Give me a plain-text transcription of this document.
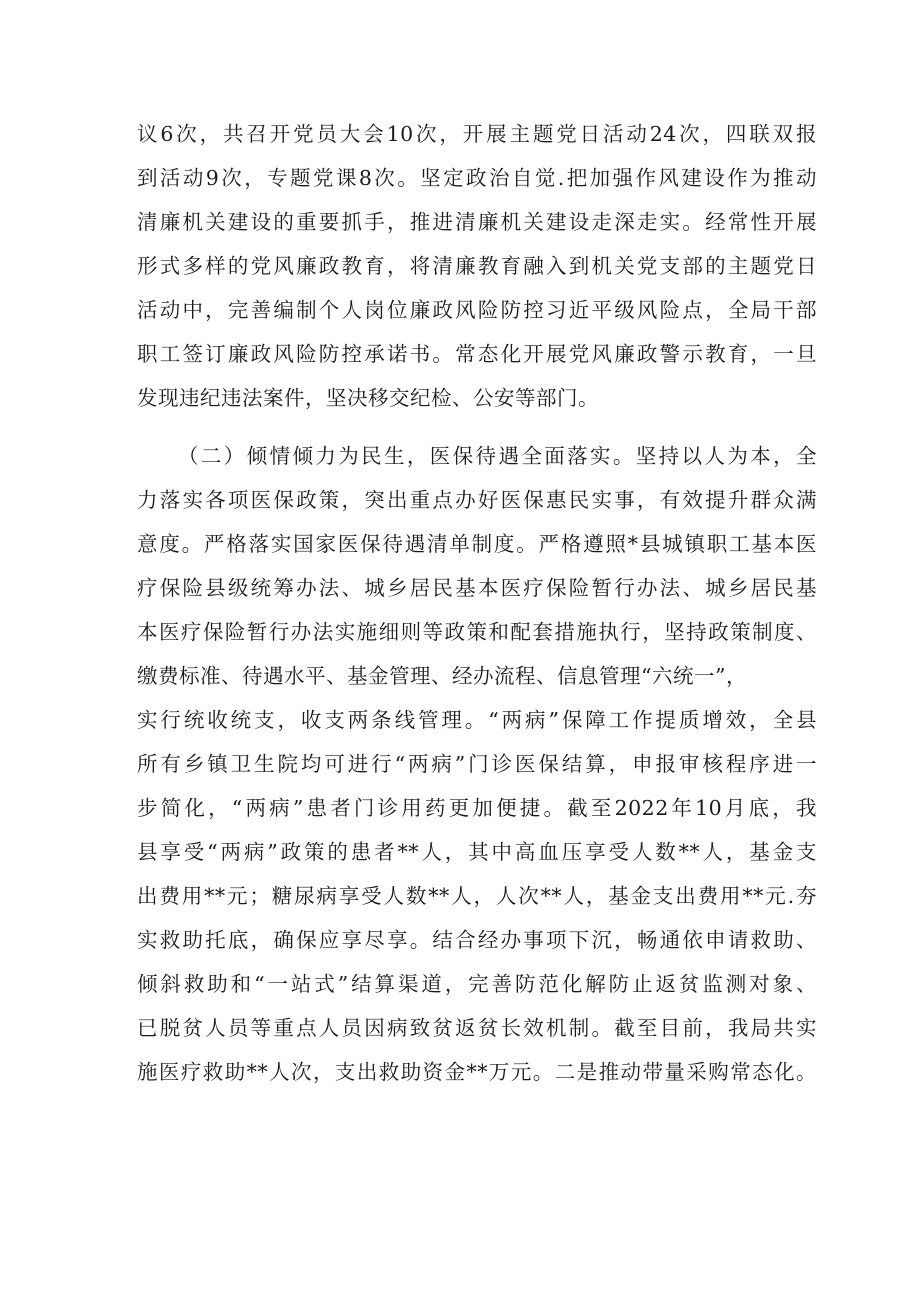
议6次，共召开党员大会10次，开展主题党日活动24次，四联双报
到活动9次，专题党课8次。坚定政治自觉.把加强作风建设作为推动
清廉机关建设的重要抓手，推进清廉机关建设走深走实。经常性开展
形式多样的党风廉政教育，将清廉教育融入到机关党支部的主题党日
活动中，完善编制个人岗位廉政风险防控习近平级风险点，全局干部
职工签订廉政风险防控承诺书。常态化开展党风廉政警示教育，一旦
发现违纪违法案件，坚决移交纪检、公安等部门。
（二）倾情倾力为民生，医保待遇全面落实。坚持以人为本，全
力落实各项医保政策，突出重点办好医保惠民实事，有效提升群众满
意度。严格落实国家医保待遇清单制度。严格遵照*县城镇职工基本医
疗保险县级统筹办法、城乡居民基本医疗保险暂行办法、城乡居民基
本医疗保险暂行办法实施细则等政策和配套措施执行，坚持政策制度、
缴费标准、待遇水平、基金管理、经办流程、信息管理“六统一”，
实行统收统支，收支两条线管理。“两病”保障工作提质增效，全县
所有乡镇卫生院均可进行“两病”门诊医保结算，申报审核程序进一
步简化，“两病”患者门诊用药更加便捷。截至2022年10月底，我
县享受“两病”政策的患者**人，其中高血压享受人数**人，基金支
出费用**元；糖尿病享受人数**人，人次**人，基金支出费用**元.夯
实救助托底，确保应享尽享。结合经办事项下沉，畅通依申请救助、
倾斜救助和“一站式”结算渠道，完善防范化解防止返贫监测对象、
已脱贫人员等重点人员因病致贫返贫长效机制。截至目前，我局共实
施医疗救助**人次，支出救助资金**万元。二是推动带量采购常态化。
